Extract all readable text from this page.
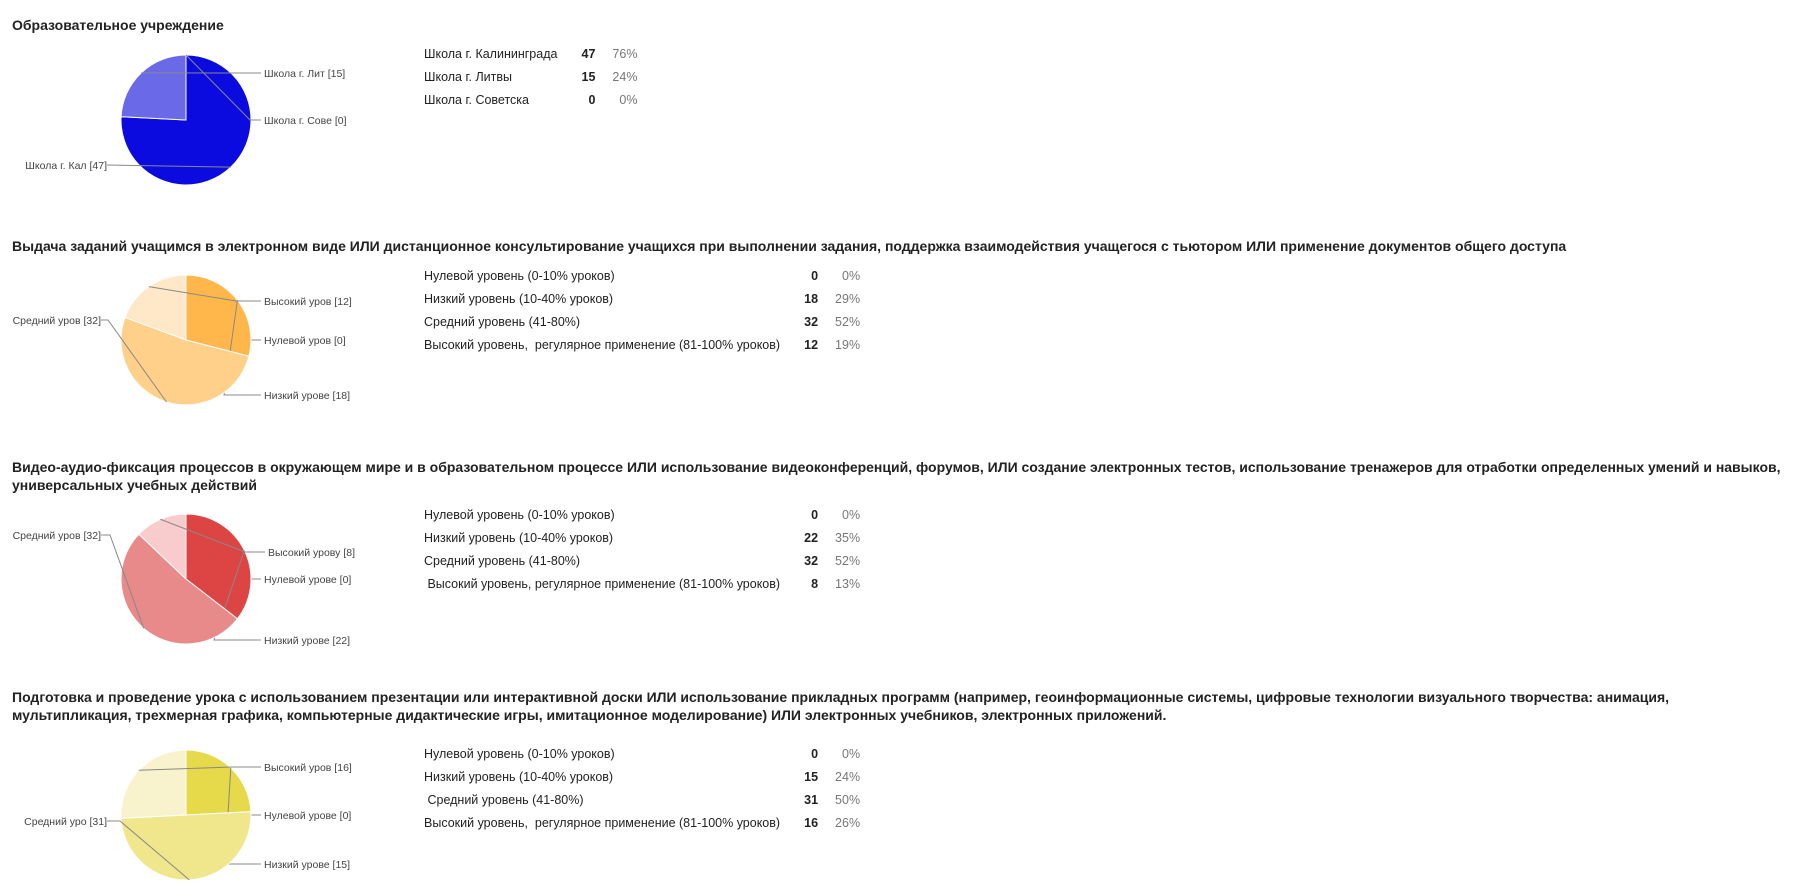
Образовательное учреждение
Школа г. Кал [47]
Школа г. Лит [15]
Школа г. Сове [0]
Школа г. Калининграда	47	76%
Школа г. Литвы	15	24%
Школа г. Советска	0	0%
Выдача заданий учащимся в электронном виде ИЛИ дистанционное консультирование учащихся при выполнении задания, поддержка взаимодействия учащегося с тьютором ИЛИ применение документов общего доступа
Нулевой уров [0]
Низкий урове [18]
Средний уров [32]
Высокий уров [12]
Нулевой уровень (0-10% уроков)	0	0%
Низкий уровень (10-40% уроков)	18	29%
Средний уровень (41-80%)	32	52%
Высокий уровень,  регулярное применение (81-100% уроков)	12	19%
Видео-аудио-фиксация процессов в окружающем мире и в образовательном процессе ИЛИ использование видеоконференций, форумов, ИЛИ создание электронных тестов, использование тренажеров для отработки определенных умений и навыков, универсальных учебных действий
Нулевой урове [0]
Низкий урове [22]
Средний уров [32]
Высокий урову [8]
Нулевой уровень (0-10% уроков)	0	0%
Низкий уровень (10-40% уроков)	22	35%
Средний уровень (41-80%)	32	52%
Высокий уровень, регулярное применение (81-100% уроков)	8	13%
Подготовка и проведение урока с использованием презентации или интерактивной доски ИЛИ использование прикладных программ (например, геоинформационные системы, цифровые технологии визуального творчества: анимация, мультипликация, трехмерная графика, компьютерные дидактические игры, имитационное моделирование) ИЛИ электронных учебников, электронных приложений.
Нулевой урове [0]
Низкий урове [15]
Средний уро [31]
Высокий уров [16]
Нулевой уровень (0-10% уроков)	0	0%
Низкий уровень (10-40% уроков)	15	24%
Средний уровень (41-80%)	31	50%
Высокий уровень,  регулярное применение (81-100% уроков)	16	26%
